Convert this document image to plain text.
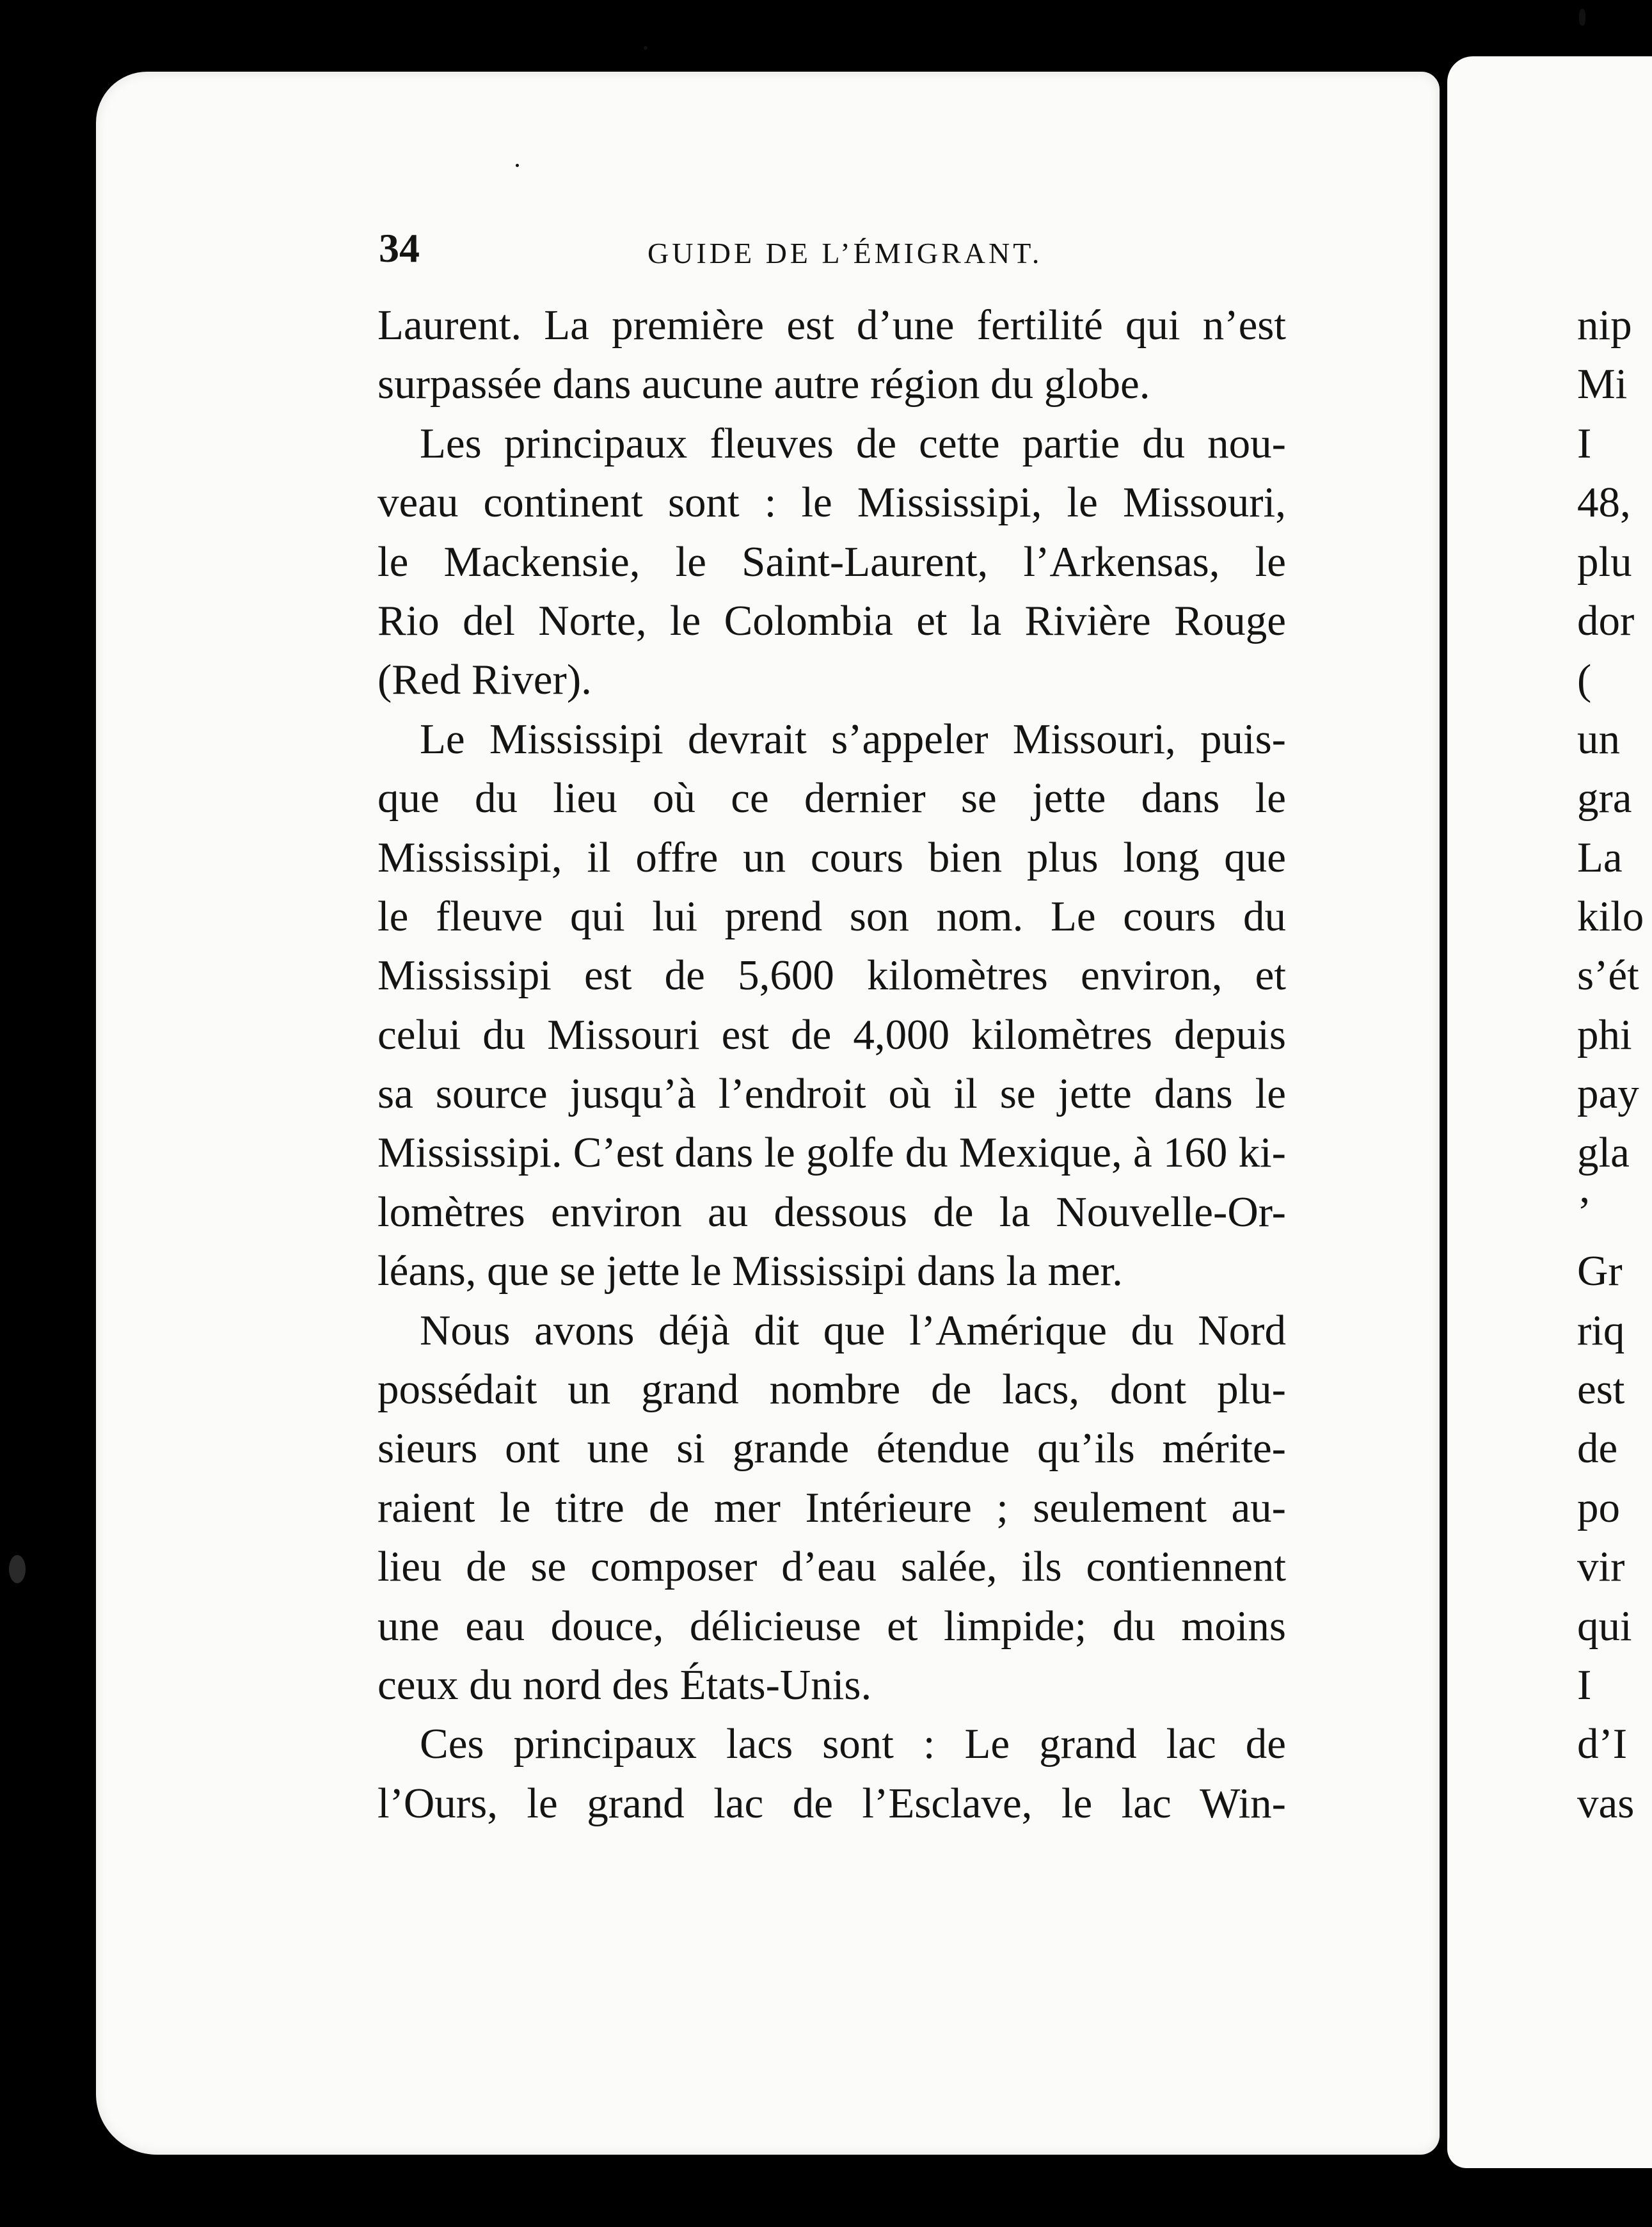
34	GUIDE DE L’ÉMIGRANT.
Laurent. La première est d’une fertilité qui n’est
surpassée dans aucune autre région du globe.
Les principaux fleuves de cette partie du nou-
veau continent sont : le Mississipi, le Missouri,
le Mackensie, le Saint-Laurent, l’Arkensas, le
Rio del Norte, le Colombia et la Rivière Rouge
(Red River).
Le Mississipi devrait s’appeler Missouri, puis-
que du lieu où ce dernier se jette dans le
Mississipi, il offre un cours bien plus long que
le fleuve qui lui prend son nom. Le cours du
Mississipi est de 5,600 kilomètres environ, et
celui du Missouri est de 4,000 kilomètres depuis
sa source jusqu’à l’endroit où il se jette dans le
Mississipi. C’est dans le golfe du Mexique, à 160 ki-
lomètres environ au dessous de la Nouvelle-Or-
léans, que se jette le Mississipi dans la mer.
Nous avons déjà dit que l’Amérique du Nord
possédait un grand nombre de lacs, dont plu-
sieurs ont une si grande étendue qu’ils mérite-
raient le titre de mer Intérieure ; seulement au-
lieu de se composer d’eau salée, ils contiennent
une eau douce, délicieuse et limpide; du moins
ceux du nord des États-Unis.
Ces principaux lacs sont : Le grand lac de
l’Ours, le grand lac de l’Esclave, le lac Win-
nip
Mi
I
48,
plu
dor
(
un
gra
La
kilo
s’ét
phi
pay
gla
’
Gr
riq
est
de
po
vir
qui
I
d’I
vas
